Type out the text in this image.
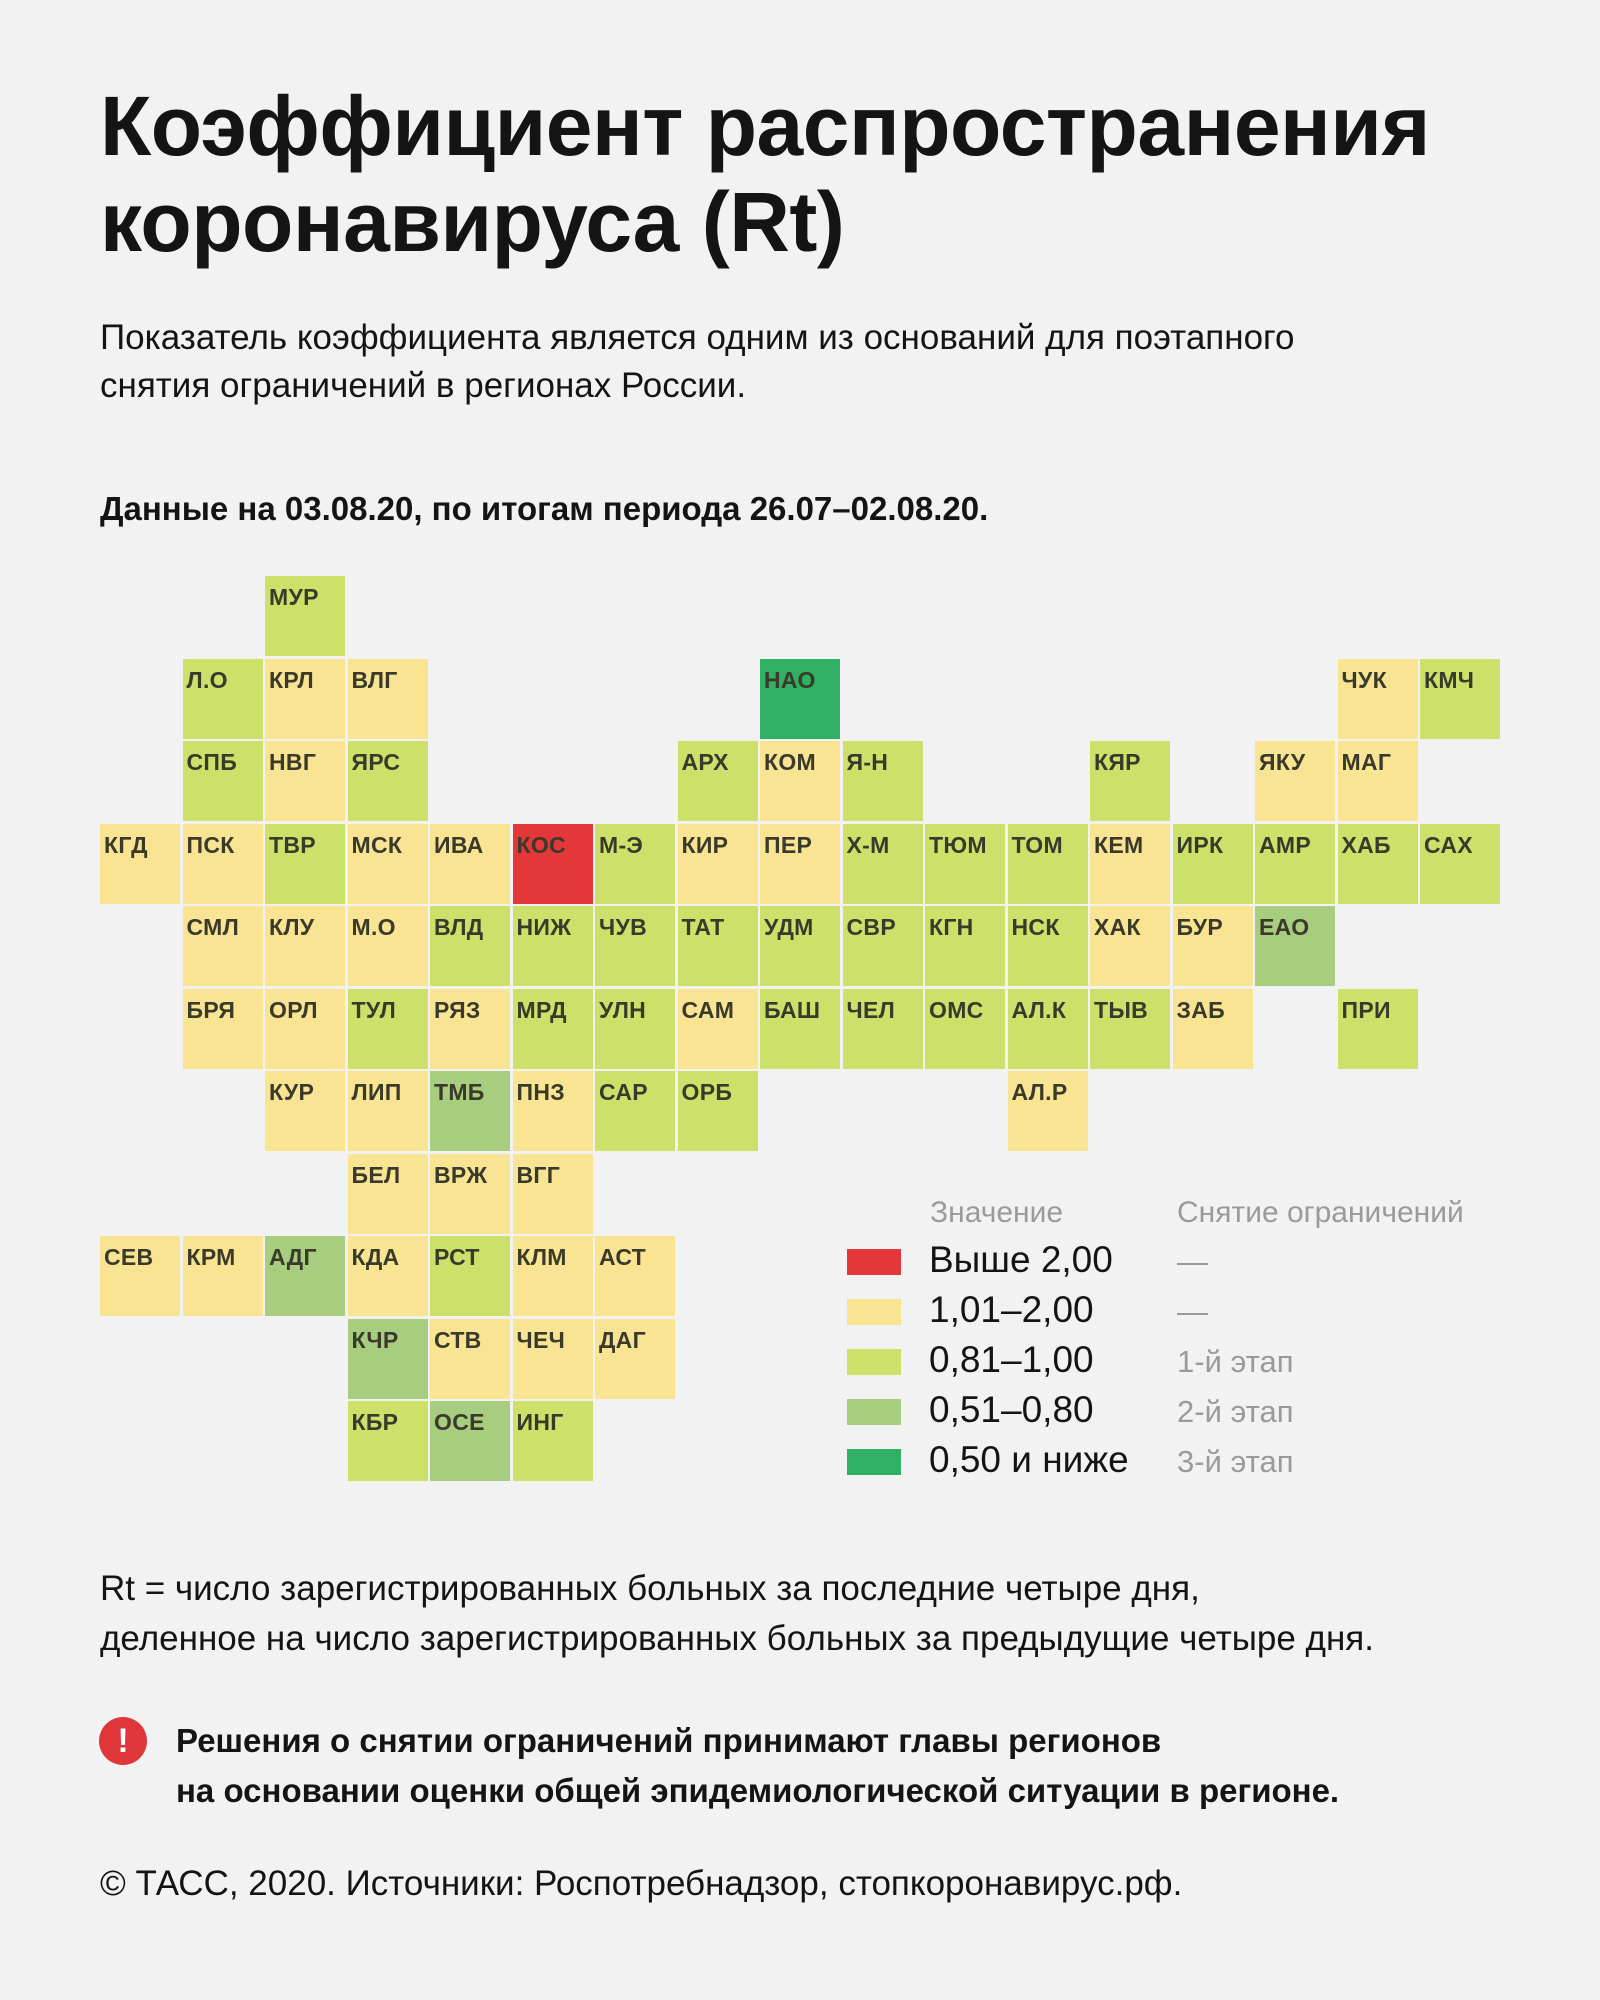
Коэффициент распространения
коронавируса (Rt)
Показатель коэффициента является одним из оснований для поэтапного
снятия ограничений в регионах России.
Данные на 03.08.20, по итогам периода 26.07–02.08.20.
МУР
Л.О	КРЛ	ВЛГ	НАО	ЧУК	КМЧ
СПБ	НВГ	ЯРС	АРХ	КОМ	Я-Н	КЯР	ЯКУ	МАГ
КГД	ПСК	ТВР	МСК	ИВА	КОС	М-Э	КИР	ПЕР	Х-М	ТЮМ	ТОМ	КЕМ	ИРК	АМР	ХАБ	САХ
СМЛ	КЛУ	М.О	ВЛД	НИЖ	ЧУВ	ТАТ	УДМ	СВР	КГН	НСК	ХАК	БУР	ЕАО
БРЯ	ОРЛ	ТУЛ	РЯЗ	МРД	УЛН	САМ	БАШ	ЧЕЛ	ОМС	АЛ.К	ТЫВ	ЗАБ	ПРИ
КУР	ЛИП	ТМБ	ПНЗ	САР	ОРБ	АЛ.Р
БЕЛ	ВРЖ	ВГГ
СЕВ	КРМ	АДГ	КДА	РСТ	КЛМ	АСТ
КЧР	СТВ	ЧЕЧ	ДАГ
КБР	ОСЕ	ИНГ
Значение	Снятие ограничений
Выше 2,00 —
1,01–2,00	—
0,81–1,00	1-й этап
0,51–0,80	2-й этап
0,50 и ниже 3-й этап
Rt = число зарегистрированных больных за последние четыре дня,
деленное на число зарегистрированных больных за предыдущие четыре дня.
!	Решения о снятии ограничений принимают главы регионов
на основании оценки общей эпидемиологической ситуации в регионе.
© ТАСС, 2020. Источники: Роспотребнадзор, стопкоронавирус.рф.
